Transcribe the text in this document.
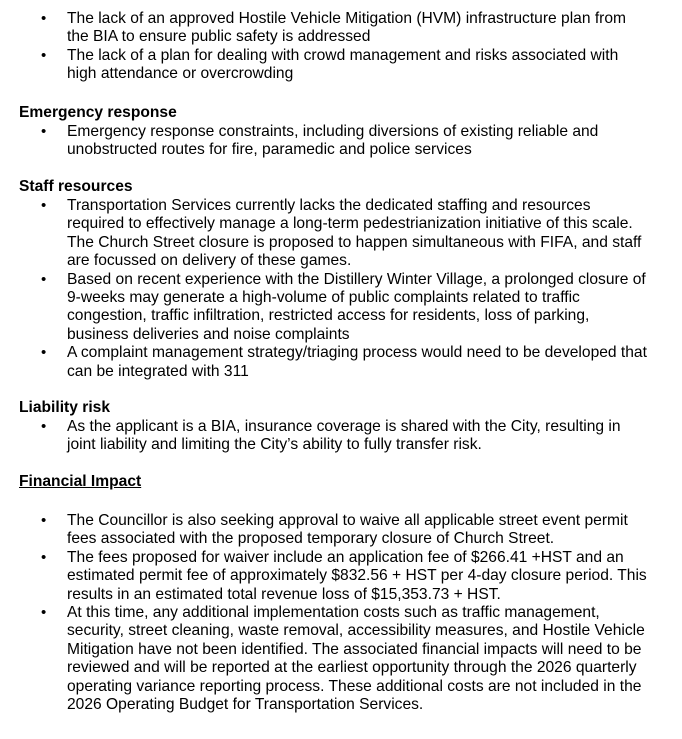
• The lack of an approved Hostile Vehicle Mitigation (HVM) infrastructure plan from the BIA to ensure public safety is addressed
• The lack of a plan for dealing with crowd management and risks associated with high attendance or overcrowding
Emergency response
• Emergency response constraints, including diversions of existing reliable and unobstructed routes for fire, paramedic and police services
Staff resources
• Transportation Services currently lacks the dedicated staffing and resources required to effectively manage a long-term pedestrianization initiative of this scale. The Church Street closure is proposed to happen simultaneous with FIFA, and staff are focussed on delivery of these games.
• Based on recent experience with the Distillery Winter Village, a prolonged closure of 9-weeks may generate a high-volume of public complaints related to traffic congestion, traffic infiltration, restricted access for residents, loss of parking, business deliveries and noise complaints
• A complaint management strategy/triaging process would need to be developed that can be integrated with 311
Liability risk
• As the applicant is a BIA, insurance coverage is shared with the City, resulting in joint liability and limiting the City’s ability to fully transfer risk.
Financial Impact
• The Councillor is also seeking approval to waive all applicable street event permit fees associated with the proposed temporary closure of Church Street.
• The fees proposed for waiver include an application fee of $266.41 +HST and an estimated permit fee of approximately $832.56 + HST per 4-day closure period. This results in an estimated total revenue loss of $15,353.73 + HST.
• At this time, any additional implementation costs such as traffic management, security, street cleaning, waste removal, accessibility measures, and Hostile Vehicle Mitigation have not been identified. The associated financial impacts will need to be reviewed and will be reported at the earliest opportunity through the 2026 quarterly operating variance reporting process. These additional costs are not included in the 2026 Operating Budget for Transportation Services.
